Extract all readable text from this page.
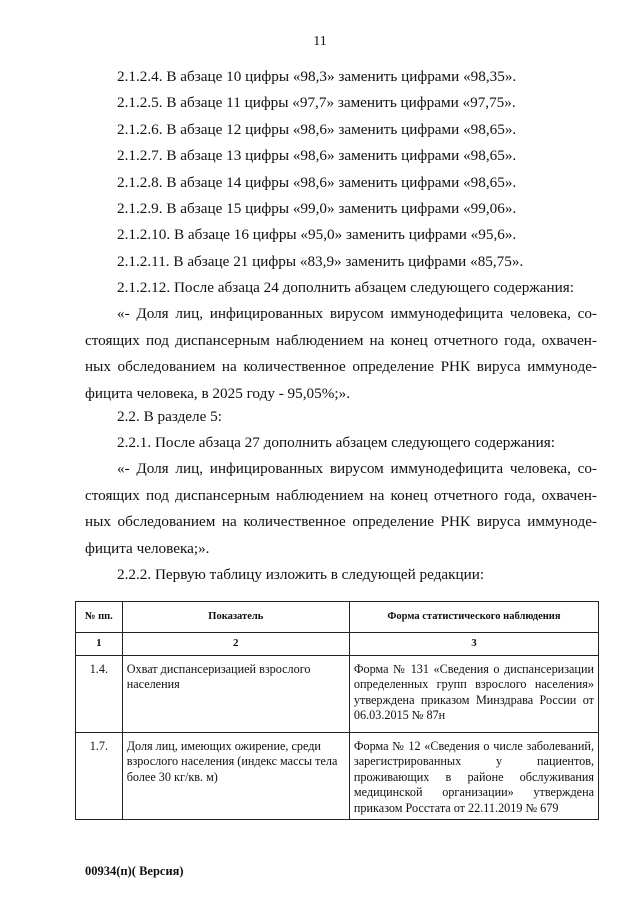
11
2.1.2.4. В абзаце 10 цифры «98,3» заменить цифрами «98,35».
2.1.2.5. В абзаце 11 цифры «97,7» заменить цифрами «97,75».
2.1.2.6. В абзаце 12 цифры «98,6» заменить цифрами «98,65».
2.1.2.7. В абзаце 13 цифры «98,6» заменить цифрами «98,65».
2.1.2.8. В абзаце 14 цифры «98,6» заменить цифрами «98,65».
2.1.2.9. В абзаце 15 цифры «99,0» заменить цифрами «99,06».
2.1.2.10. В абзаце 16 цифры «95,0» заменить цифрами «95,6».
2.1.2.11. В абзаце 21 цифры «83,9» заменить цифрами «85,75».
2.1.2.12. После абзаца 24 дополнить абзацем следующего содержания:
«- Доля лиц, инфицированных вирусом иммунодефицита человека, со-
стоящих под диспансерным наблюдением на конец отчетного года, охвачен-
ных обследованием на количественное определение РНК вируса иммуноде-
фицита человека, в 2025 году - 95,05%;».
2.2. В разделе 5:
2.2.1. После абзаца 27 дополнить абзацем следующего содержания:
«- Доля лиц, инфицированных вирусом иммунодефицита человека, со-
стоящих под диспансерным наблюдением на конец отчетного года, охвачен-
ных обследованием на количественное определение РНК вируса иммуноде-
фицита человека;».
2.2.2. Первую таблицу изложить в следующей редакции:
№ пп.	Показатель	Форма статистического наблюдения
1	2	3
1.4.	Охват диспансеризацией взрослого населения	Форма № 131 «Сведения о диспансеризации определенных групп взрослого населения» утверждена приказом Минздрава России от 06.03.2015 № 87н
1.7.	Доля лиц, имеющих ожирение, среди взрослого населения (индекс массы тела более 30 кг/кв. м)	Форма № 12 «Сведения о числе заболеваний, зарегистрированных у пациентов, проживающих в районе обслуживания медицинской организации» утверждена приказом Росстата от 22.11.2019 № 679
00934(п)( Версия)
